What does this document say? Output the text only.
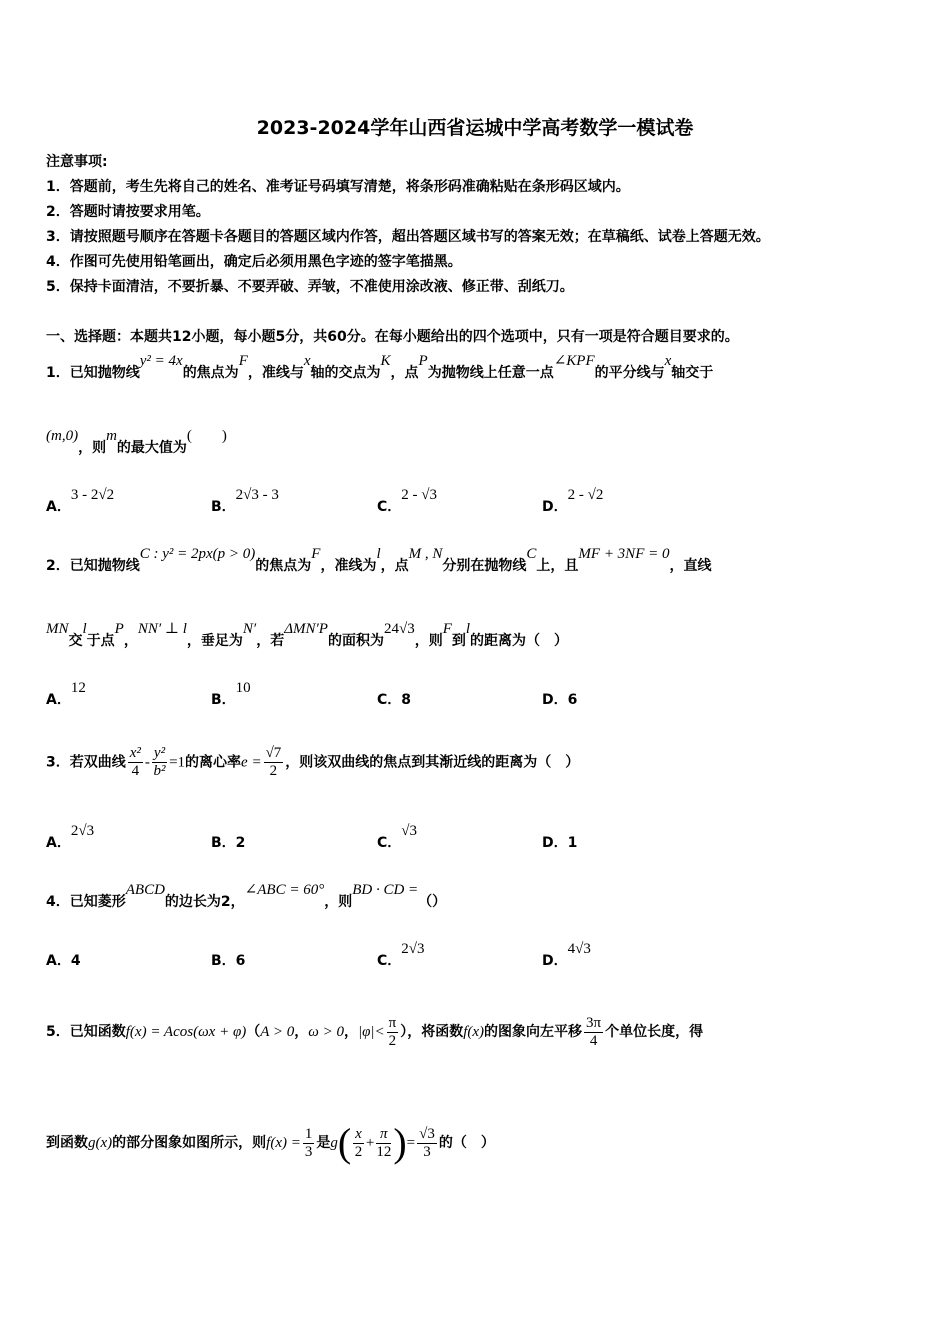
2023-2024学年山西省运城中学高考数学一模试卷
注意事项:
1．答题前，考生先将自己的姓名、准考证号码填写清楚，将条形码准确粘贴在条形码区域内。
2．答题时请按要求用笔。
3．请按照题号顺序在答题卡各题目的答题区域内作答，超出答题区域书写的答案无效；在草稿纸、试卷上答题无效。
4．作图可先使用铅笔画出，确定后必须用黑色字迹的签字笔描黑。
5．保持卡面清洁，不要折暴、不要弄破、弄皱，不准使用涂改液、修正带、刮纸刀。
一、选择题：本题共12小题，每小题5分，共60分。在每小题给出的四个选项中，只有一项是符合题目要求的。
1．已知抛物线y² = 4x的焦点为F，准线与x轴的交点为K，点P为抛物线上任意一点∠KPF的平分线与x轴交于
(m,0)，则m的最大值为(　　)
A．3 - 2√2
B．2√3 - 3
C．2 - √3
D．2 - √2
2．已知抛物线C : y² = 2px(p > 0)的焦点为F，准线为l，点M , N分别在抛物线C上，且MF + 3NF = 0，直线
MN交l于点P，NN′ ⊥ l，垂足为N′，若ΔMN′P的面积为24√3，则F到l的距离为（　）
A．12
B．10
C．8	D．6
3．若双曲线 $\frac{\text{x²}}{4} - \frac{\text{y²}}{\text{b²}} =1$的离心率$e = \frac{√7}{2}$ ，则该双曲线的焦点到其渐近线的距离为（　）
A．2√3
B．2	C．√3
D．1
4．已知菱形ABCD的边长为2，∠ABC = 60°，则BD · CD =（）
A．4	B．6	C．2√3
D．4√3
5．已知函数f(x) = Acos(ωx + φ)（A > 0，ω > 0，$|\varphi|< \frac{\pi}{2}$ ），将函数f(x)的图象向左平移 $\frac{3\pi}{4}$ 个单位长度，得
到函数g(x)的部分图象如图所示，则$f(x) = \frac{1}{3}$ 是$g( \frac{x}{2} + \frac{\pi}{12}$ )= $\frac{√3}{3}$ 的（　）
